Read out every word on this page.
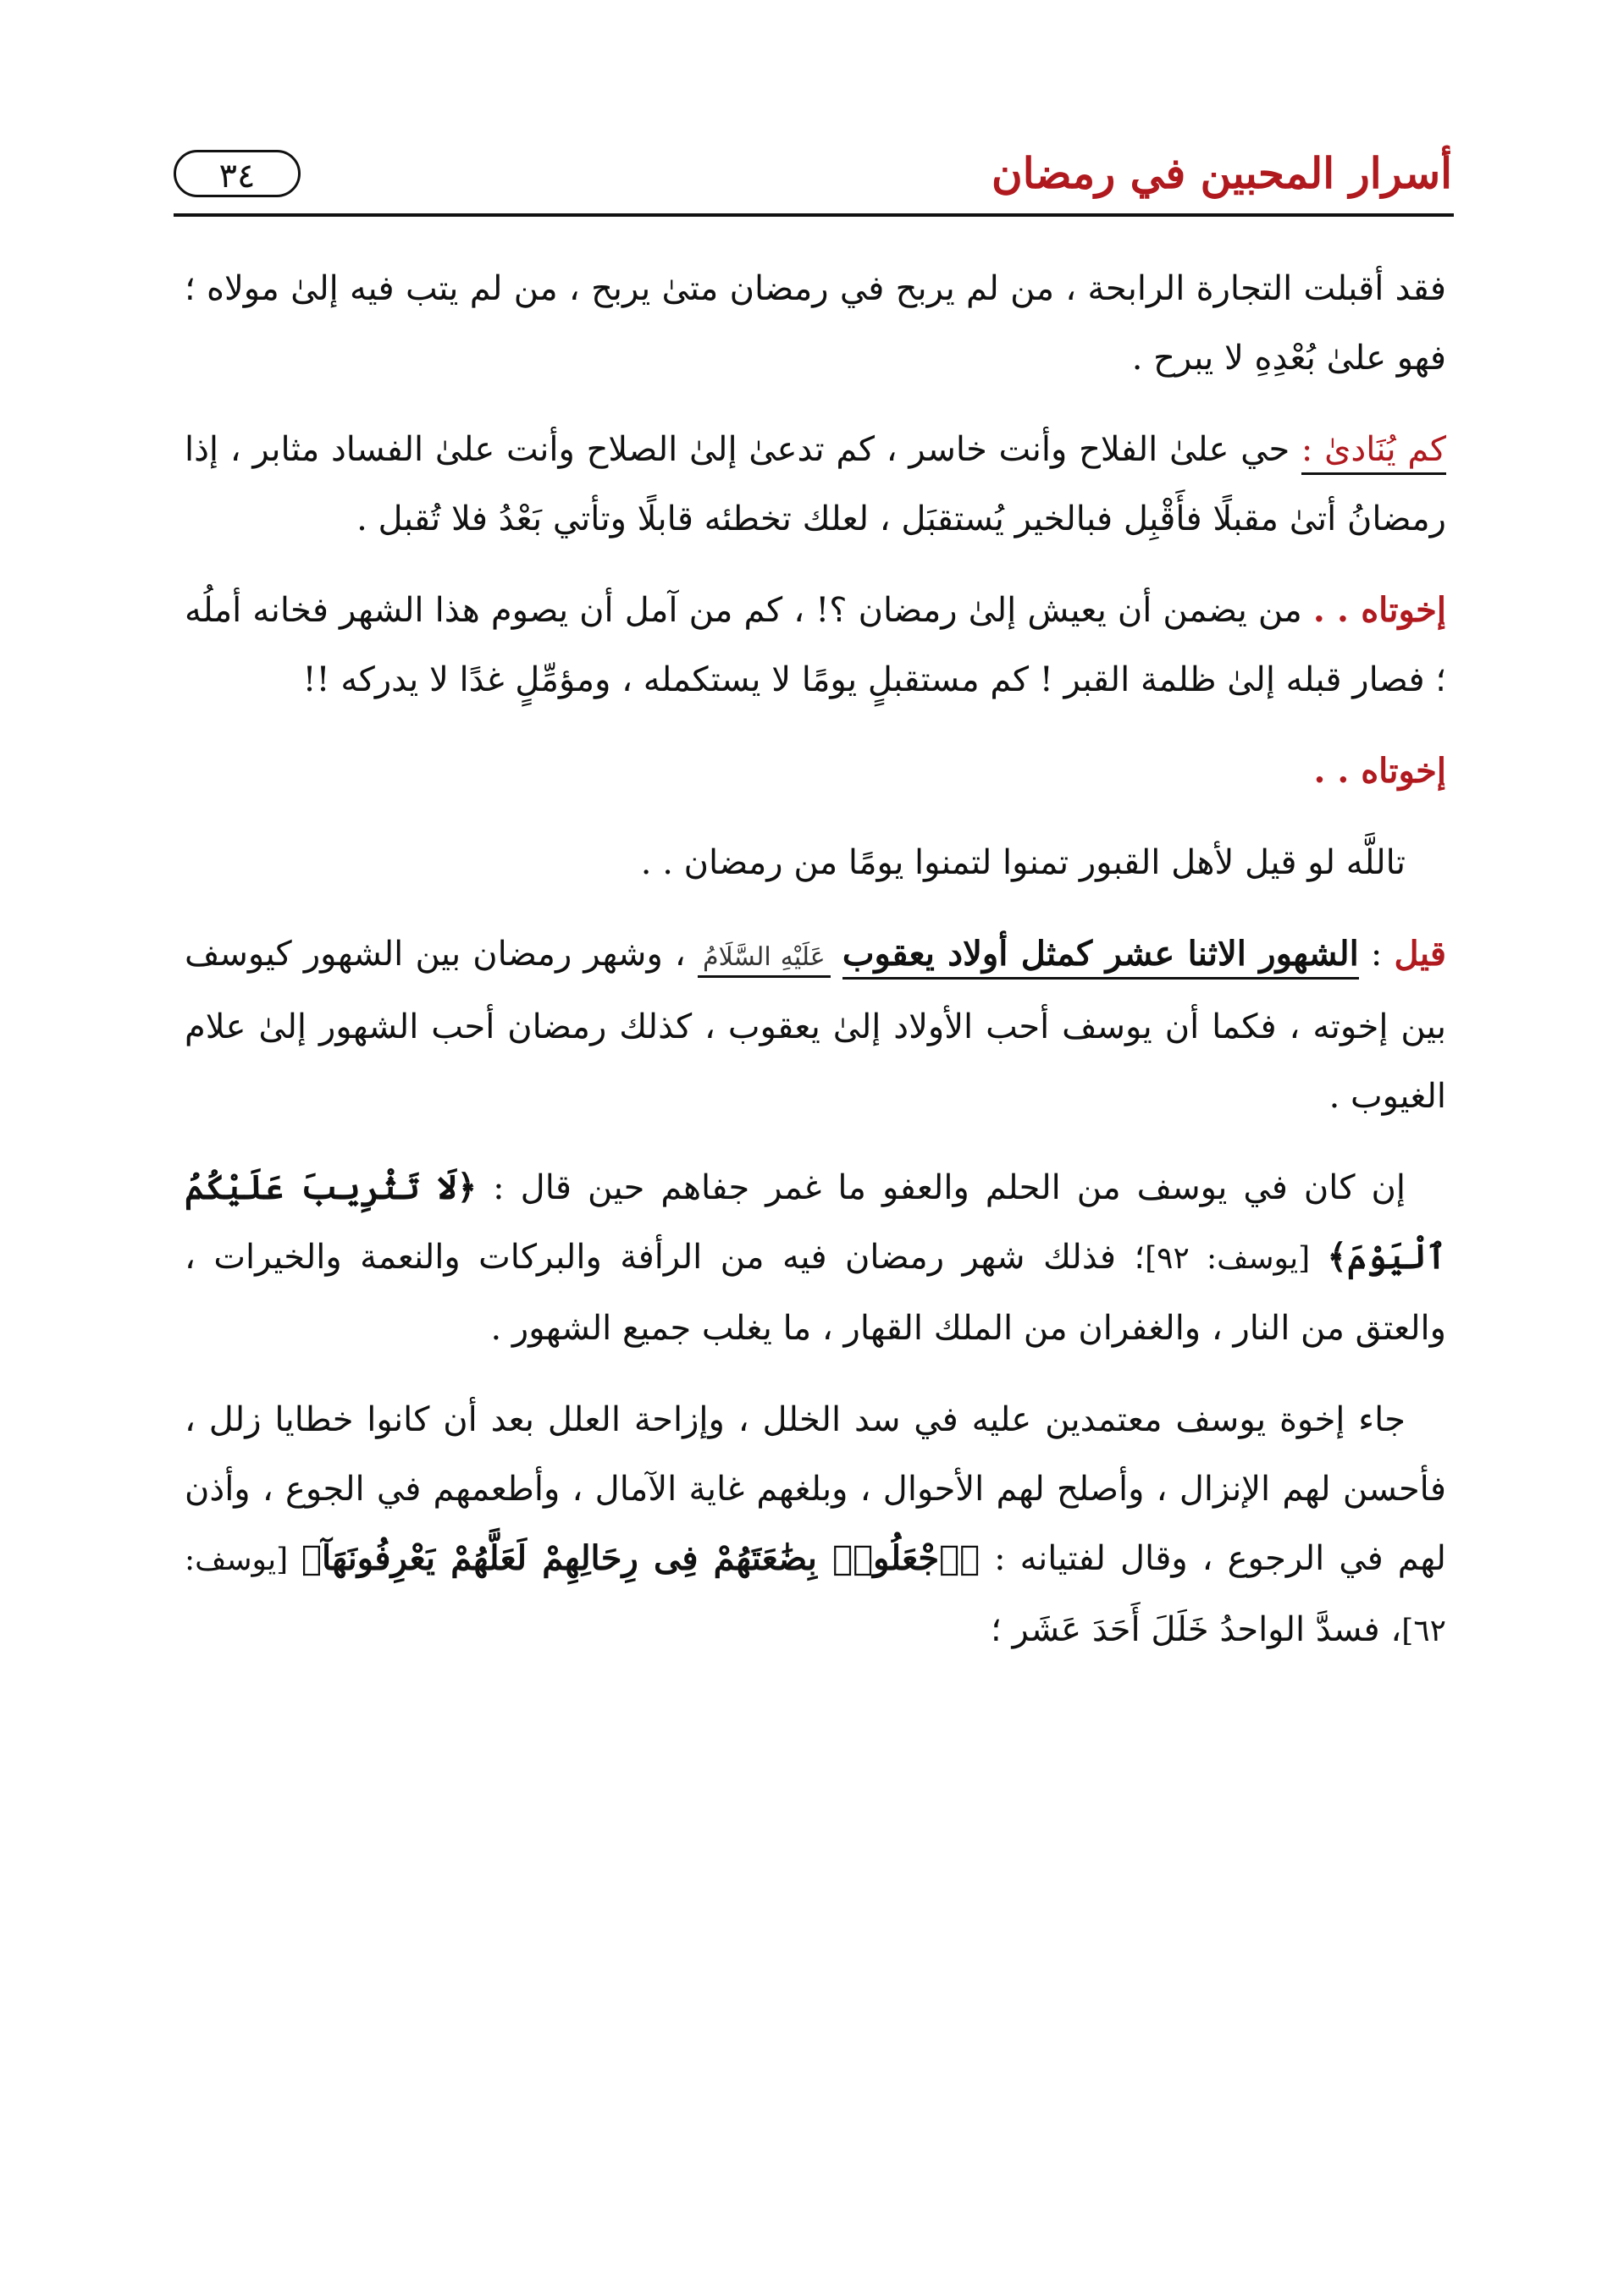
٣٤	أسرار المحبين في رمضان

فقد أقبلت التجارة الرابحة ، من لم يربح في رمضان متىٰ يربح ، من لم يتب فيه إلىٰ مولاه ؛ فهو علىٰ بُعْدِهِ لا يبرح .

كم يُنَادىٰ : حي علىٰ الفلاح وأنت خاسر ، كم تدعىٰ إلىٰ الصلاح وأنت علىٰ الفساد مثابر ، إذا رمضانُ أتىٰ مقبلًا فأَقْبِل فبالخير يُستقبَل ، لعلك تخطئه قابلًا وتأتي بَعْدُ فلا تُقبل .

إخوتاه . . من يضمن أن يعيش إلىٰ رمضان ؟! ، كم من آمل أن يصوم هذا الشهر فخانه أملُه ؛ فصار قبله إلىٰ ظلمة القبر ! كم مستقبلٍ يومًا لا يستكمله ، ومؤمِّلٍ غدًا لا يدركه !!

إخوتاه . .

تاللَّه لو قيل لأهل القبور تمنوا لتمنوا يومًا من رمضان . .

قيل : الشهور الاثنا عشر كمثل أولاد يعقوب عَلَيْهِ السَّلَامُ ، وشهر رمضان بين الشهور كيوسف بين إخوته ، فكما أن يوسف أحب الأولاد إلىٰ يعقوب ، كذلك رمضان أحب الشهور إلىٰ علام الغيوب .

إن كان في يوسف من الحلم والعفو ما غمر جفاهم حين قال : ﴿لَا تَثْرِيبَ عَلَيْكُمُ ٱلْيَوْمَ﴾ [يوسف: ٩٢]؛ فذلك شهر رمضان فيه من الرأفة والبركات والنعمة والخيرات ، والعتق من النار ، والغفران من الملك القهار ، ما يغلب جميع الشهور .

جاء إخوة يوسف معتمدين عليه في سد الخلل ، وإزاحة العلل بعد أن كانوا خطايا زلل ، فأحسن لهم الإنزال ، وأصلح لهم الأحوال ، وبلغهم غاية الآمال ، وأطعمهم في الجوع ، وأذن لهم في الرجوع ، وقال لفتيانه : ﴿ٱجْعَلُوا۟ بِضَٰعَتَهُمْ فِى رِحَالِهِمْ لَعَلَّهُمْ يَعْرِفُونَهَآ﴾ [يوسف: ٦٢]، فسدَّ الواحدُ خَلَلَ أَحَدَ عَشَر ؛
